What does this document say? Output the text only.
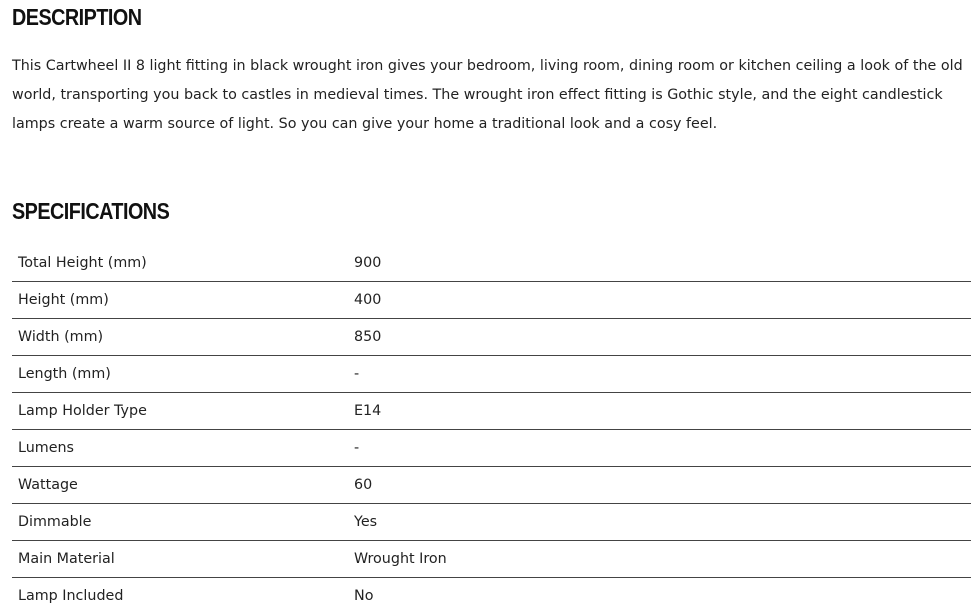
DESCRIPTION

This Cartwheel II 8 light fitting in black wrought iron gives your bedroom, living room, dining room or kitchen ceiling a look of the old world, transporting you back to castles in medieval times. The wrought iron effect fitting is Gothic style, and the eight candlestick lamps create a warm source of light. So you can give your home a traditional look and a cosy feel.

SPECIFICATIONS
Total Height (mm)	900
Height (mm)	400
Width (mm)	850
Length (mm)	-
Lamp Holder Type	E14
Lumens	-
Wattage	60
Dimmable	Yes
Main Material	Wrought Iron
Lamp Included	No
